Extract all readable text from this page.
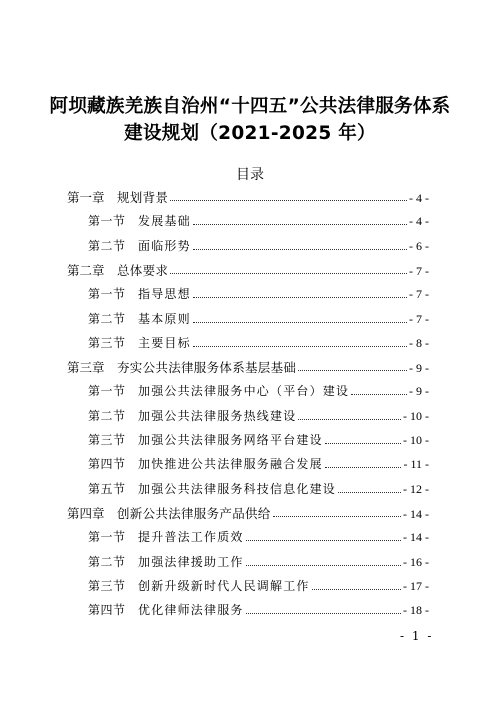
阿坝藏族羌族自治州“十四五”公共法律服务体系
建设规划（2021-2025 年）
目录
第一章 规划背景	- 4 -
第一节	发展基础	- 4 -
第二节	面临形势	- 6 -
第二章 总体要求	- 7 -
第一节	指导思想	- 7 -
第二节	基本原则	- 7 -
第三节	主要目标	- 8 -
第三章 夯实公共法律服务体系基层基础	- 9 -
第一节	加强公共法律服务中心（平台）建设	- 9 -
第二节	加强公共法律服务热线建设	- 10 -
第三节	加强公共法律服务网络平台建设	- 10 -
第四节	加快推进公共法律服务融合发展	- 11 -
第五节	加强公共法律服务科技信息化建设	- 12 -
第四章 创新公共法律服务产品供给	- 14 -
第一节	提升普法工作质效	- 14 -
第二节	加强法律援助工作	- 16 -
第三节	创新升级新时代人民调解工作	- 17 -
第四节	优化律师法律服务	- 18 -
- 1 -
